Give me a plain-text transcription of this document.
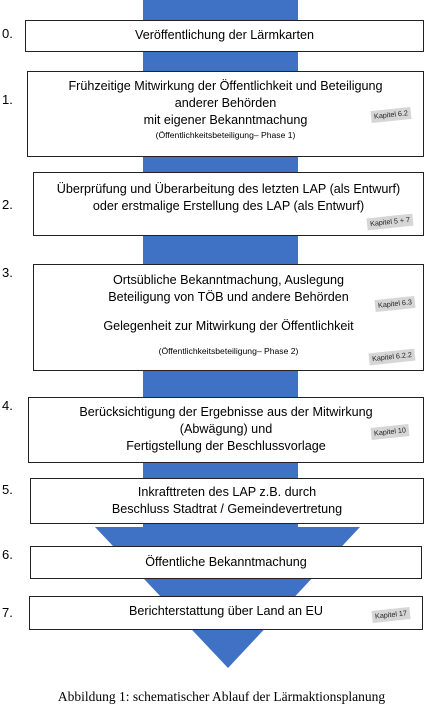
0.	Veröffentlichung der Lärmkarten
1.
Frühzeitige Mitwirkung der Öffentlichkeit und Beteiligung
anderer Behörden
mit eigener Bekanntmachung
(Öffentlichkeitsbeteiligung– Phase 1)
Kapitel 6.2
2.
Überprüfung und Überarbeitung des letzten LAP (als Entwurf)
oder erstmalige Erstellung des LAP (als Entwurf)
Kapitel 5 + 7
3.	Ortsübliche Bekanntmachung, Auslegung
Beteiligung von TÖB und andere Behörden
Gelegenheit zur Mitwirkung der Öffentlichkeit
(Öffentlichkeitsbeteiligung– Phase 2)
Kapitel 6.3
Kapitel 6.2.2
4.	Berücksichtigung der Ergebnisse aus der Mitwirkung
(Abwägung) und
Fertigstellung der Beschlussvorlage
Kapitel 10
5.	Inkrafttreten des LAP z.B. durch
Beschluss Stadtrat / Gemeindevertretung
6.	Öffentliche Bekanntmachung
7.	Berichterstattung über Land an EU	Kapitel 17
Abbildung 1: schematischer Ablauf der Lärmaktionsplanung
